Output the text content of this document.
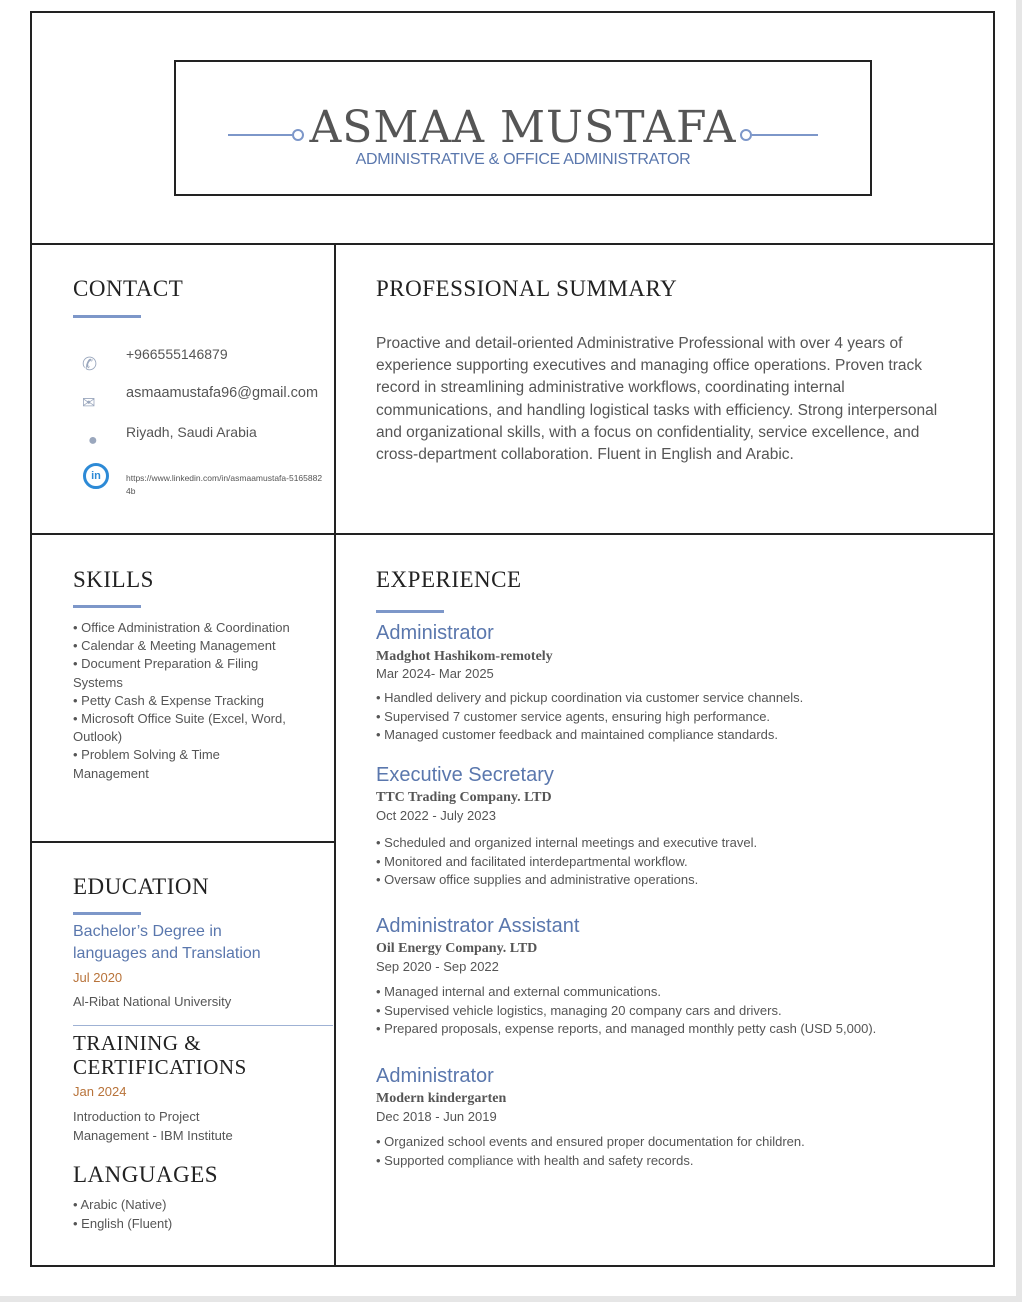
ASMAA MUSTAFA
ADMINISTRATIVE & OFFICE ADMINISTRATOR
CONTACT
✆ +966555146879
✉
asmaamustafa96@gmail.com
● Riyadh, Saudi Arabia
in	https://www.linkedin.com/in/asmaamustafa-51658824b
PROFESSIONAL SUMMARY
Proactive and detail-oriented Administrative Professional with over 4 years of experience supporting executives and managing office operations. Proven track record in streamlining administrative workflows, coordinating internal communications, and handling logistical tasks with efficiency. Strong interpersonal and organizational skills, with a focus on confidentiality, service excellence, and cross-department collaboration. Fluent in English and Arabic.
SKILLS
• Office Administration & Coordination
• Calendar & Meeting Management
• Document Preparation & Filing Systems
• Petty Cash & Expense Tracking
• Microsoft Office Suite (Excel, Word, Outlook)
• Problem Solving & Time Management
EDUCATION
Bachelor’s Degree in languages and Translation
Jul 2020
Al-Ribat National University
TRAINING & CERTIFICATIONS
Jan 2024
Introduction to Project Management - IBM Institute
LANGUAGES
• Arabic (Native)
• English (Fluent)
EXPERIENCE
Administrator
Madghot Hashikom-remotely
Mar 2024- Mar 2025
• Handled delivery and pickup coordination via customer service channels.
• Supervised 7 customer service agents, ensuring high performance.
• Managed customer feedback and maintained compliance standards.
Executive Secretary
TTC Trading Company. LTD
Oct 2022 - July 2023
• Scheduled and organized internal meetings and executive travel.
• Monitored and facilitated interdepartmental workflow.
• Oversaw office supplies and administrative operations.
Administrator Assistant
Oil Energy Company. LTD
Sep 2020 - Sep 2022
• Managed internal and external communications.
• Supervised vehicle logistics, managing 20 company cars and drivers.
• Prepared proposals, expense reports, and managed monthly petty cash (USD 5,000).
Administrator
Modern kindergarten
Dec 2018 - Jun 2019
• Organized school events and ensured proper documentation for children.
• Supported compliance with health and safety records.
